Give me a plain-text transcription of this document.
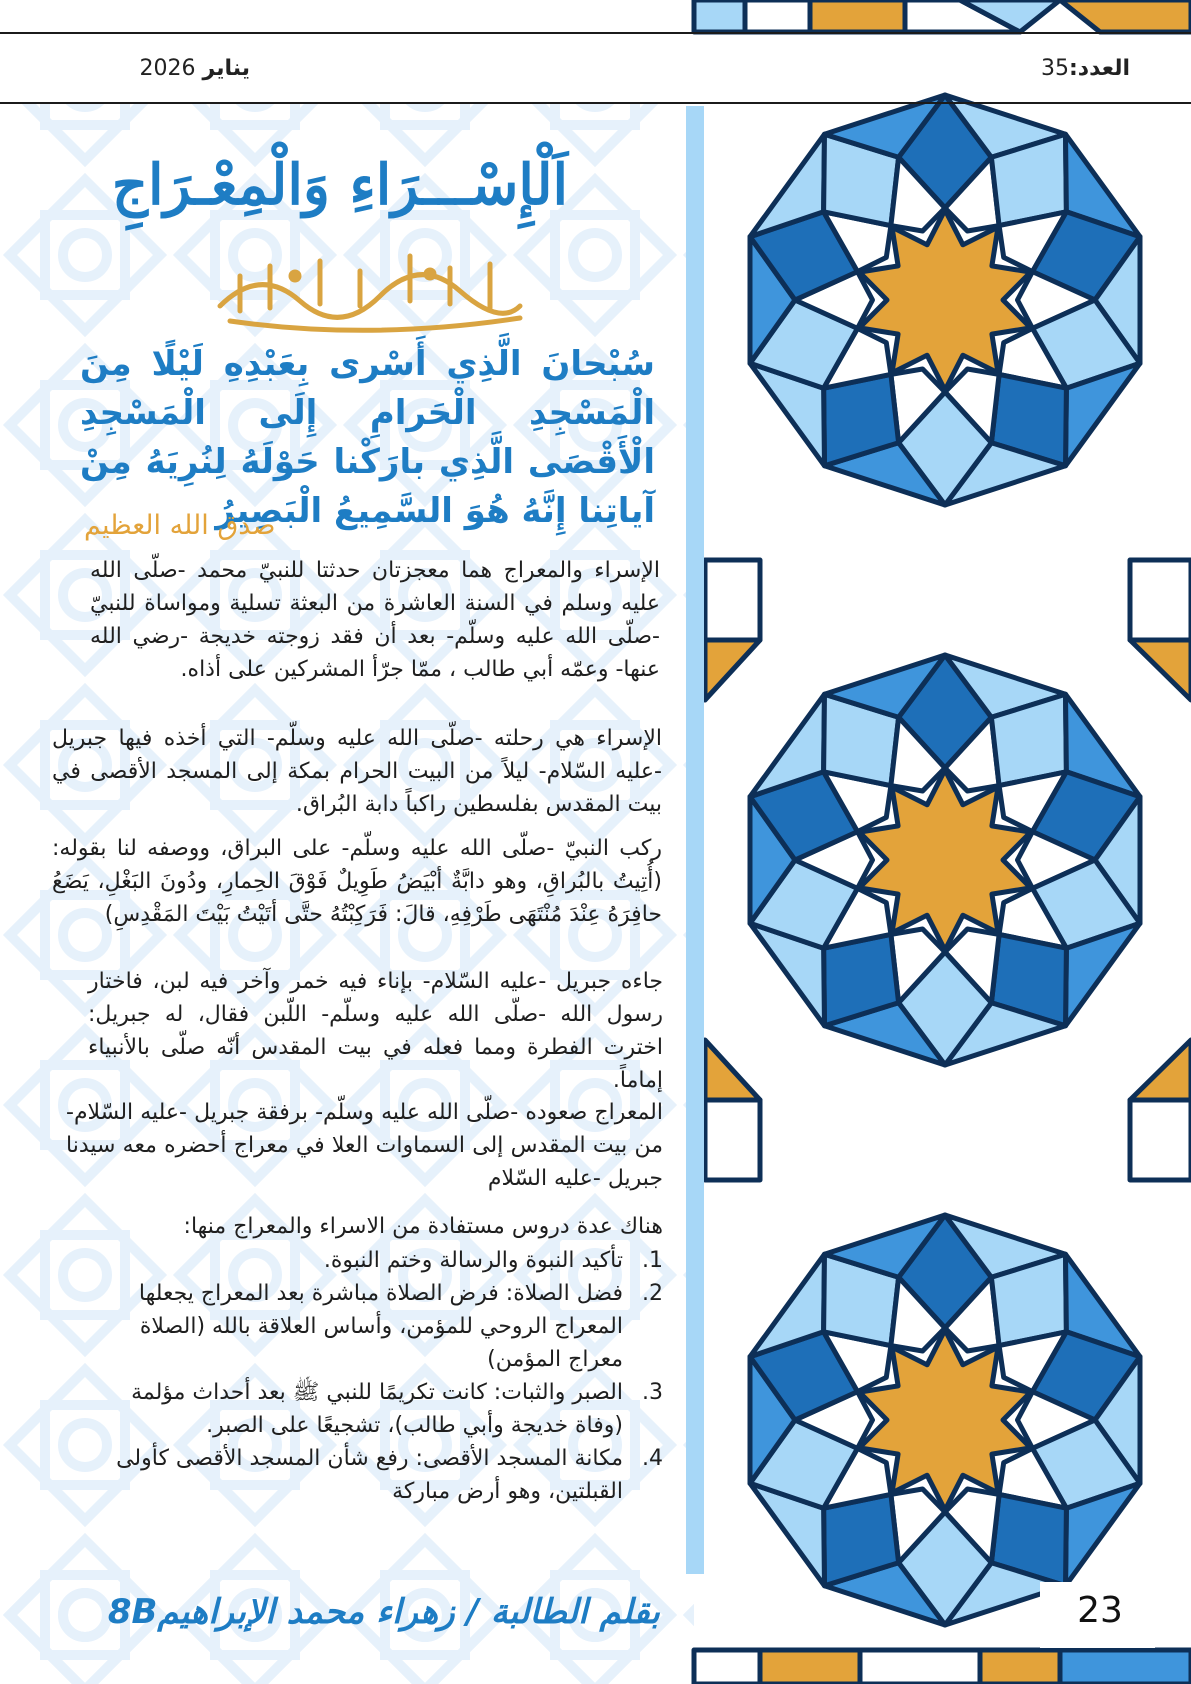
العدد:
35
يناير

2026
اَلْإِسْـــرَاءِ وَالْمِعْـرَاجِ
سُبْحانَ الَّذِي أَسْرى بِعَبْدِهِ لَيْلًا مِنَ الْمَسْجِدِ الْحَرامِ إِلَى الْمَسْجِدِ الْأَقْصَى الَّذِي بارَكْنا حَوْلَهُ لِنُرِيَهُ مِنْ آياتِنا إِنَّهُ هُوَ السَّمِيعُ الْبَصِيرُ
صدق الله العظيم
الإسراء والمعراج هما معجزتان حدثتا للنبيّ محمد -صلّى الله عليه وسلم في السنة العاشرة من البعثة تسلية ومواساة للنبيّ -صلّى الله عليه وسلّم- بعد أن فقد زوجته خديجة -رضي الله عنها- وعمّه أبي طالب ، ممّا جرّأ المشركين على أذاه.
الإسراء هي رحلته -صلّى الله عليه وسلّم- التي أخذه فيها جبريل -عليه السّلام- ليلاً من البيت الحرام بمكة إلى المسجد الأقصى في بيت المقدس بفلسطين راكباً دابة البُراق.
ركب النبيّ -صلّى الله عليه وسلّم- على البراق، ووصفه لنا بقوله: (أُتِيتُ بالبُراقِ، وهو دابَّةٌ أبْيَضُ طَوِيلٌ فَوْقَ الحِمارِ، ودُونَ البَغْلِ، يَضَعُ حافِرَهُ عِنْدَ مُنْتَهَى طَرْفِهِ، قالَ: فَرَكِبْتُهُ حتَّى أتَيْتُ بَيْتَ المَقْدِسِ)
جاءه جبريل -عليه السّلام- بإناء فيه خمر وآخر فيه لبن، فاختار رسول الله -صلّى الله عليه وسلّم- اللّبن فقال، له جبريل: اخترت الفطرة ومما فعله في بيت المقدس أنّه صلّى بالأنبياء إماماً.
المعراج صعوده -صلّى الله عليه وسلّم- برفقة جبريل -عليه السّلام- من بيت المقدس إلى السماوات العلا في معراج أحضره معه سيدنا جبريل -عليه السّلام
هناك عدة دروس مستفادة من الاسراء والمعراج منها:
1.
تأكيد النبوة والرسالة وختم النبوة.
2.
فضل الصلاة: فرض الصلاة مباشرة بعد المعراج يجعلها المعراج الروحي للمؤمن، وأساس العلاقة بالله (الصلاة معراج المؤمن)
3.
الصبر والثبات: كانت تكريمًا للنبي ﷺ بعد أحداث مؤلمة (وفاة خديجة وأبي طالب)، تشجيعًا على الصبر.
4.
مكانة المسجد الأقصى: رفع شأن المسجد الأقصى كأولى القبلتين، وهو أرض مباركة
بقلم الطالبة / زهراء محمد الإبراهيم8B	23
